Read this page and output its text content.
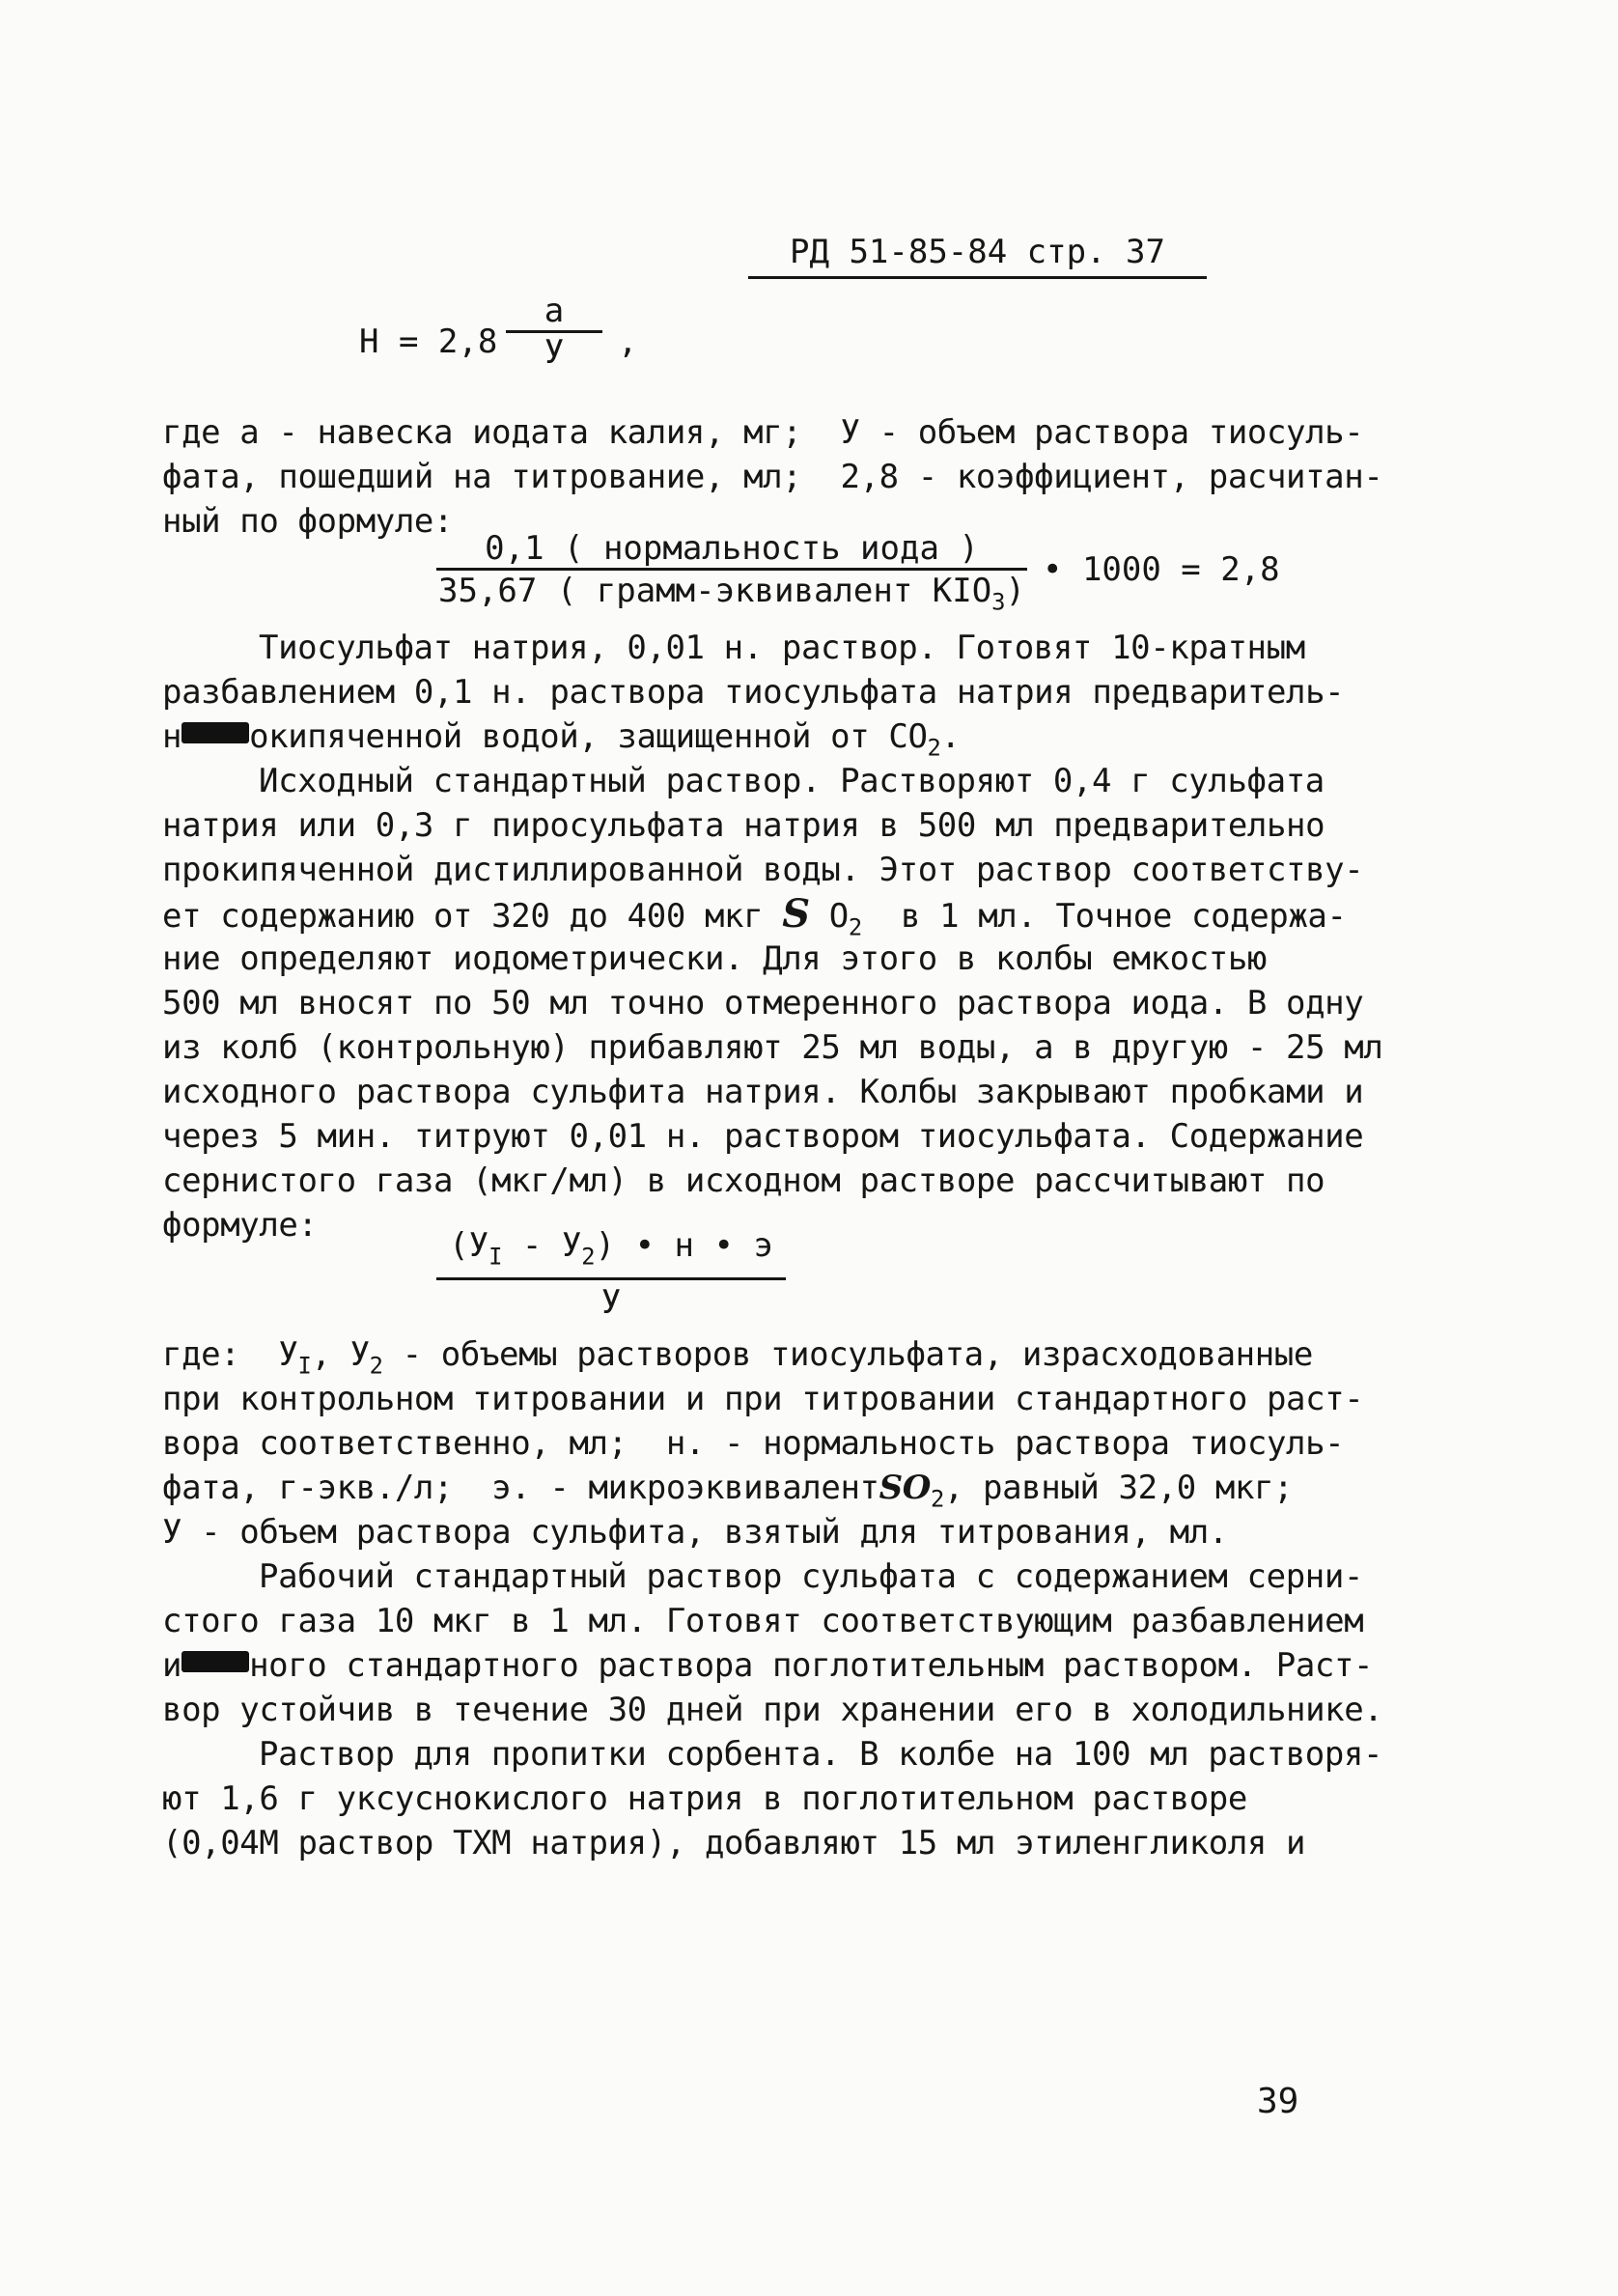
РД 51-85-84 стр. 37
Н = 2,8
а
У	,
где а - навеска иодата калия, мг;  У - объем раствора тиосуль-
фата, пошедший на титрование, мл;  2,8 - коэффициент, расчитан-
ный по формуле:
0,1 ( нормальность иода )
35,67 ( грамм-эквивалент $KIO_3$)
• 1000 = 2,8
Тиосульфат натрия, 0,01 н. раствор. Готовят 10-кратным
разбавлением 0,1 н. раствора тиосульфата натрия предваритель-
н окипяченной водой, защищенной от $CO_2$.
Исходный стандартный раствор. Растворяют 0,4 г сульфата
натрия или 0,3 г пиросульфата натрия в 500 мл предварительно
прокипяченной дистиллированной воды. Этот раствор соответству-
ет содержанию от 320 до 400 мкг S $O_2$  в 1 мл. Точное содержа-
ние определяют иодометрически. Для этого в колбы емкостью
500 мл вносят по 50 мл точно отмеренного раствора иода. В одну
из колб (контрольную) прибавляют 25 мл воды, а в другую - 25 мл
исходного раствора сульфита натрия. Колбы закрывают пробками и
через 5 мин. титруют 0,01 н. раствором тиосульфата. Содержание
сернистого газа (мкг/мл) в исходном растворе рассчитывают по
формуле:
$(У_I - У_2)$ • н • э
У
где:  $У_I$, $У_2$ - объемы растворов тиосульфата, израсходованные
при контрольном титровании и при титровании стандартного раст-
вора соответственно, мл;  н. - нормальность раствора тиосуль-
фата, г-экв./л;  э. - микроэквивалентSO$_2$, равный 32,0 мкг;
У - объем раствора сульфита, взятый для титрования, мл.
Рабочий стандартный раствор сульфата с содержанием серни-
стого газа 10 мкг в 1 мл. Готовят соответствующим разбавлением
и ного стандартного раствора поглотительным раствором. Раст-
вор устойчив в течение 30 дней при хранении его в холодильнике.
Раствор для пропитки сорбента. В колбе на 100 мл растворя-
ют 1,6 г уксуснокислого натрия в поглотительном растворе
(0,04М раствор ТХМ натрия), добавляют 15 мл этиленгликоля и
39
